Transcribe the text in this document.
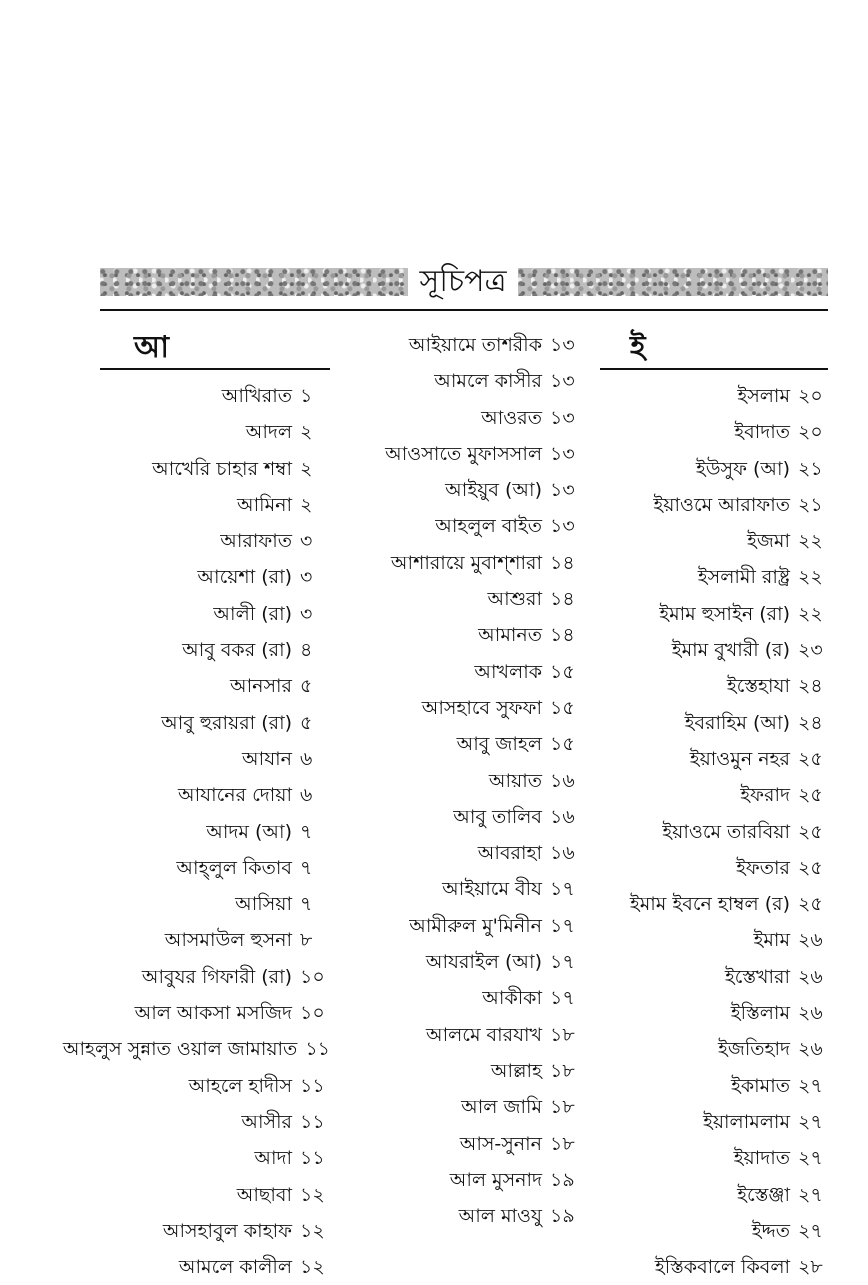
সূচিপত্র
আ
আখিরাত ১
আদল ২
আখেরি চাহার শম্বা ২
আমিনা ২
আরাফাত ৩
আয়েশা (রা) ৩
আলী (রা) ৩
আবু বকর (রা) ৪
আনসার ৫
আবু হুরায়রা (রা) ৫
আযান ৬
আযানের দোয়া ৬
আদম (আ) ৭
আহ্‌লুল কিতাব ৭
আসিয়া ৭
আসমাউল হুসনা ৮
আবুযর গিফারী (রা) ১০
আল আকসা মসজিদ ১০
আহলুস সুন্নাত ওয়াল জামায়াত ১১
আহলে হাদীস ১১
আসীর ১১
আদা ১১
আছাবা ১২
আসহাবুল কাহাফ ১২
আমলে কালীল ১২
আইয়ামে তাশরীক ১৩
আমলে কাসীর ১৩
আওরত ১৩
আওসাতে মুফাসসাল ১৩
আইয়ুব (আ) ১৩
আহলুল বাইত ১৩
আশারায়ে মুবাশ্‌শারা ১৪
আশুরা ১৪
আমানত ১৪
আখলাক ১৫
আসহাবে সুফফা ১৫
আবু জাহল ১৫
আয়াত ১৬
আবু তালিব ১৬
আবরাহা ১৬
আইয়ামে বীয ১৭
আমীরুল মু'মিনীন ১৭
আযরাইল (আ) ১৭
আকীকা ১৭
আলমে বারযাখ ১৮
আল্লাহ ১৮
আল জামি ১৮
আস-সুনান ১৮
আল মুসনাদ ১৯
আল মাওযু ১৯
ই
ইসলাম ২০
ইবাদাত ২০
ইউসুফ (আ) ২১
ইয়াওমে আরাফাত ২১
ইজমা ২২
ইসলামী রাষ্ট্র ২২
ইমাম হুসাইন (রা) ২২
ইমাম বুখারী (র) ২৩
ইস্তেহাযা ২৪
ইবরাহিম (আ) ২৪
ইয়াওমুন নহর ২৫
ইফরাদ ২৫
ইয়াওমে তারবিয়া ২৫
ইফতার ২৫
ইমাম ইবনে হাম্বল (র) ২৫
ইমাম ২৬
ইস্তেখারা ২৬
ইস্তিলাম ২৬
ইজতিহাদ ২৬
ইকামাত ২৭
ইয়ালামলাম ২৭
ইয়াদাত ২৭
ইস্তেঞ্জা ২৭
ইদ্দত ২৭
ইস্তিকবালে কিবলা ২৮
